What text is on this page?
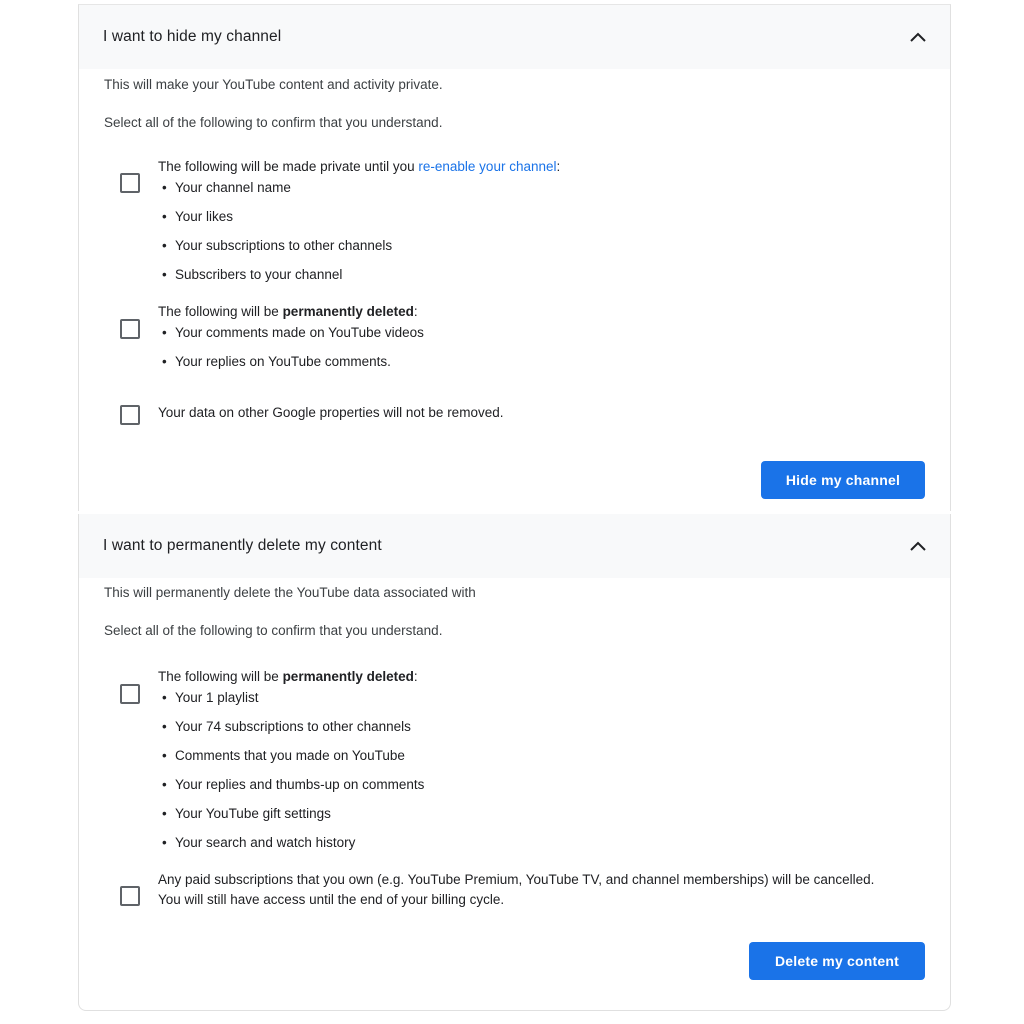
I want to hide my channel
This will make your YouTube content and activity private.
Select all of the following to confirm that you understand.
The following will be made private until you re-enable your channel:
• Your channel name
• Your likes
• Your subscriptions to other channels
• Subscribers to your channel
The following will be permanently deleted:
• Your comments made on YouTube videos
• Your replies on YouTube comments.
Your data on other Google properties will not be removed.
Hide my channel
I want to permanently delete my content
This will permanently delete the YouTube data associated with
Select all of the following to confirm that you understand.
The following will be permanently deleted:
• Your 1 playlist
• Your 74 subscriptions to other channels
• Comments that you made on YouTube
• Your replies and thumbs-up on comments
• Your YouTube gift settings
• Your search and watch history
Any paid subscriptions that you own (e.g. YouTube Premium, YouTube TV, and channel memberships) will be cancelled. You will still have access until the end of your billing cycle.
Delete my content
